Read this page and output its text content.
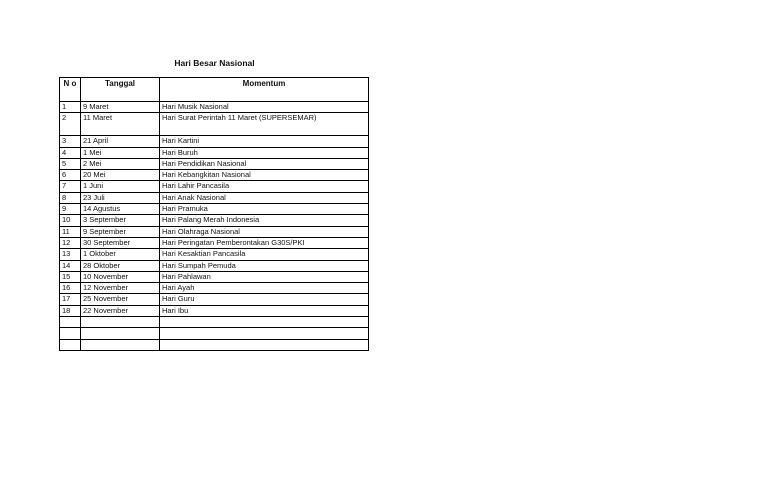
Hari Besar Nasional
N o	Tanggal	Momentum
1	9 Maret	Hari Musik Nasional
2	11 Maret	Hari Surat Perintah 11 Maret (SUPERSEMAR)
3	21 April	Hari Kartini
4	1 Mei	Hari Buruh
5	2 Mei	Hari Pendidikan Nasional
6	20 Mei	Hari Kebangkitan Nasional
7	1 Juni	Hari Lahir Pancasila
8	23 Juli	Hari Anak Nasional
9	14 Agustus	Hari Pramuka
10	3 September	Hari Palang Merah Indonesia
11	9 September	Hari Olahraga Nasional
12	30 September	Hari Peringatan Pemberontakan G30S/PKI
13	1 Oktober	Hari Kesaktian Pancasila
14	28 Oktober	Hari Sumpah Pemuda
15	10 November	Hari Pahlawan
16	12 November	Hari Ayah
17	25 November	Hari Guru
18	22 November	Hari Ibu
